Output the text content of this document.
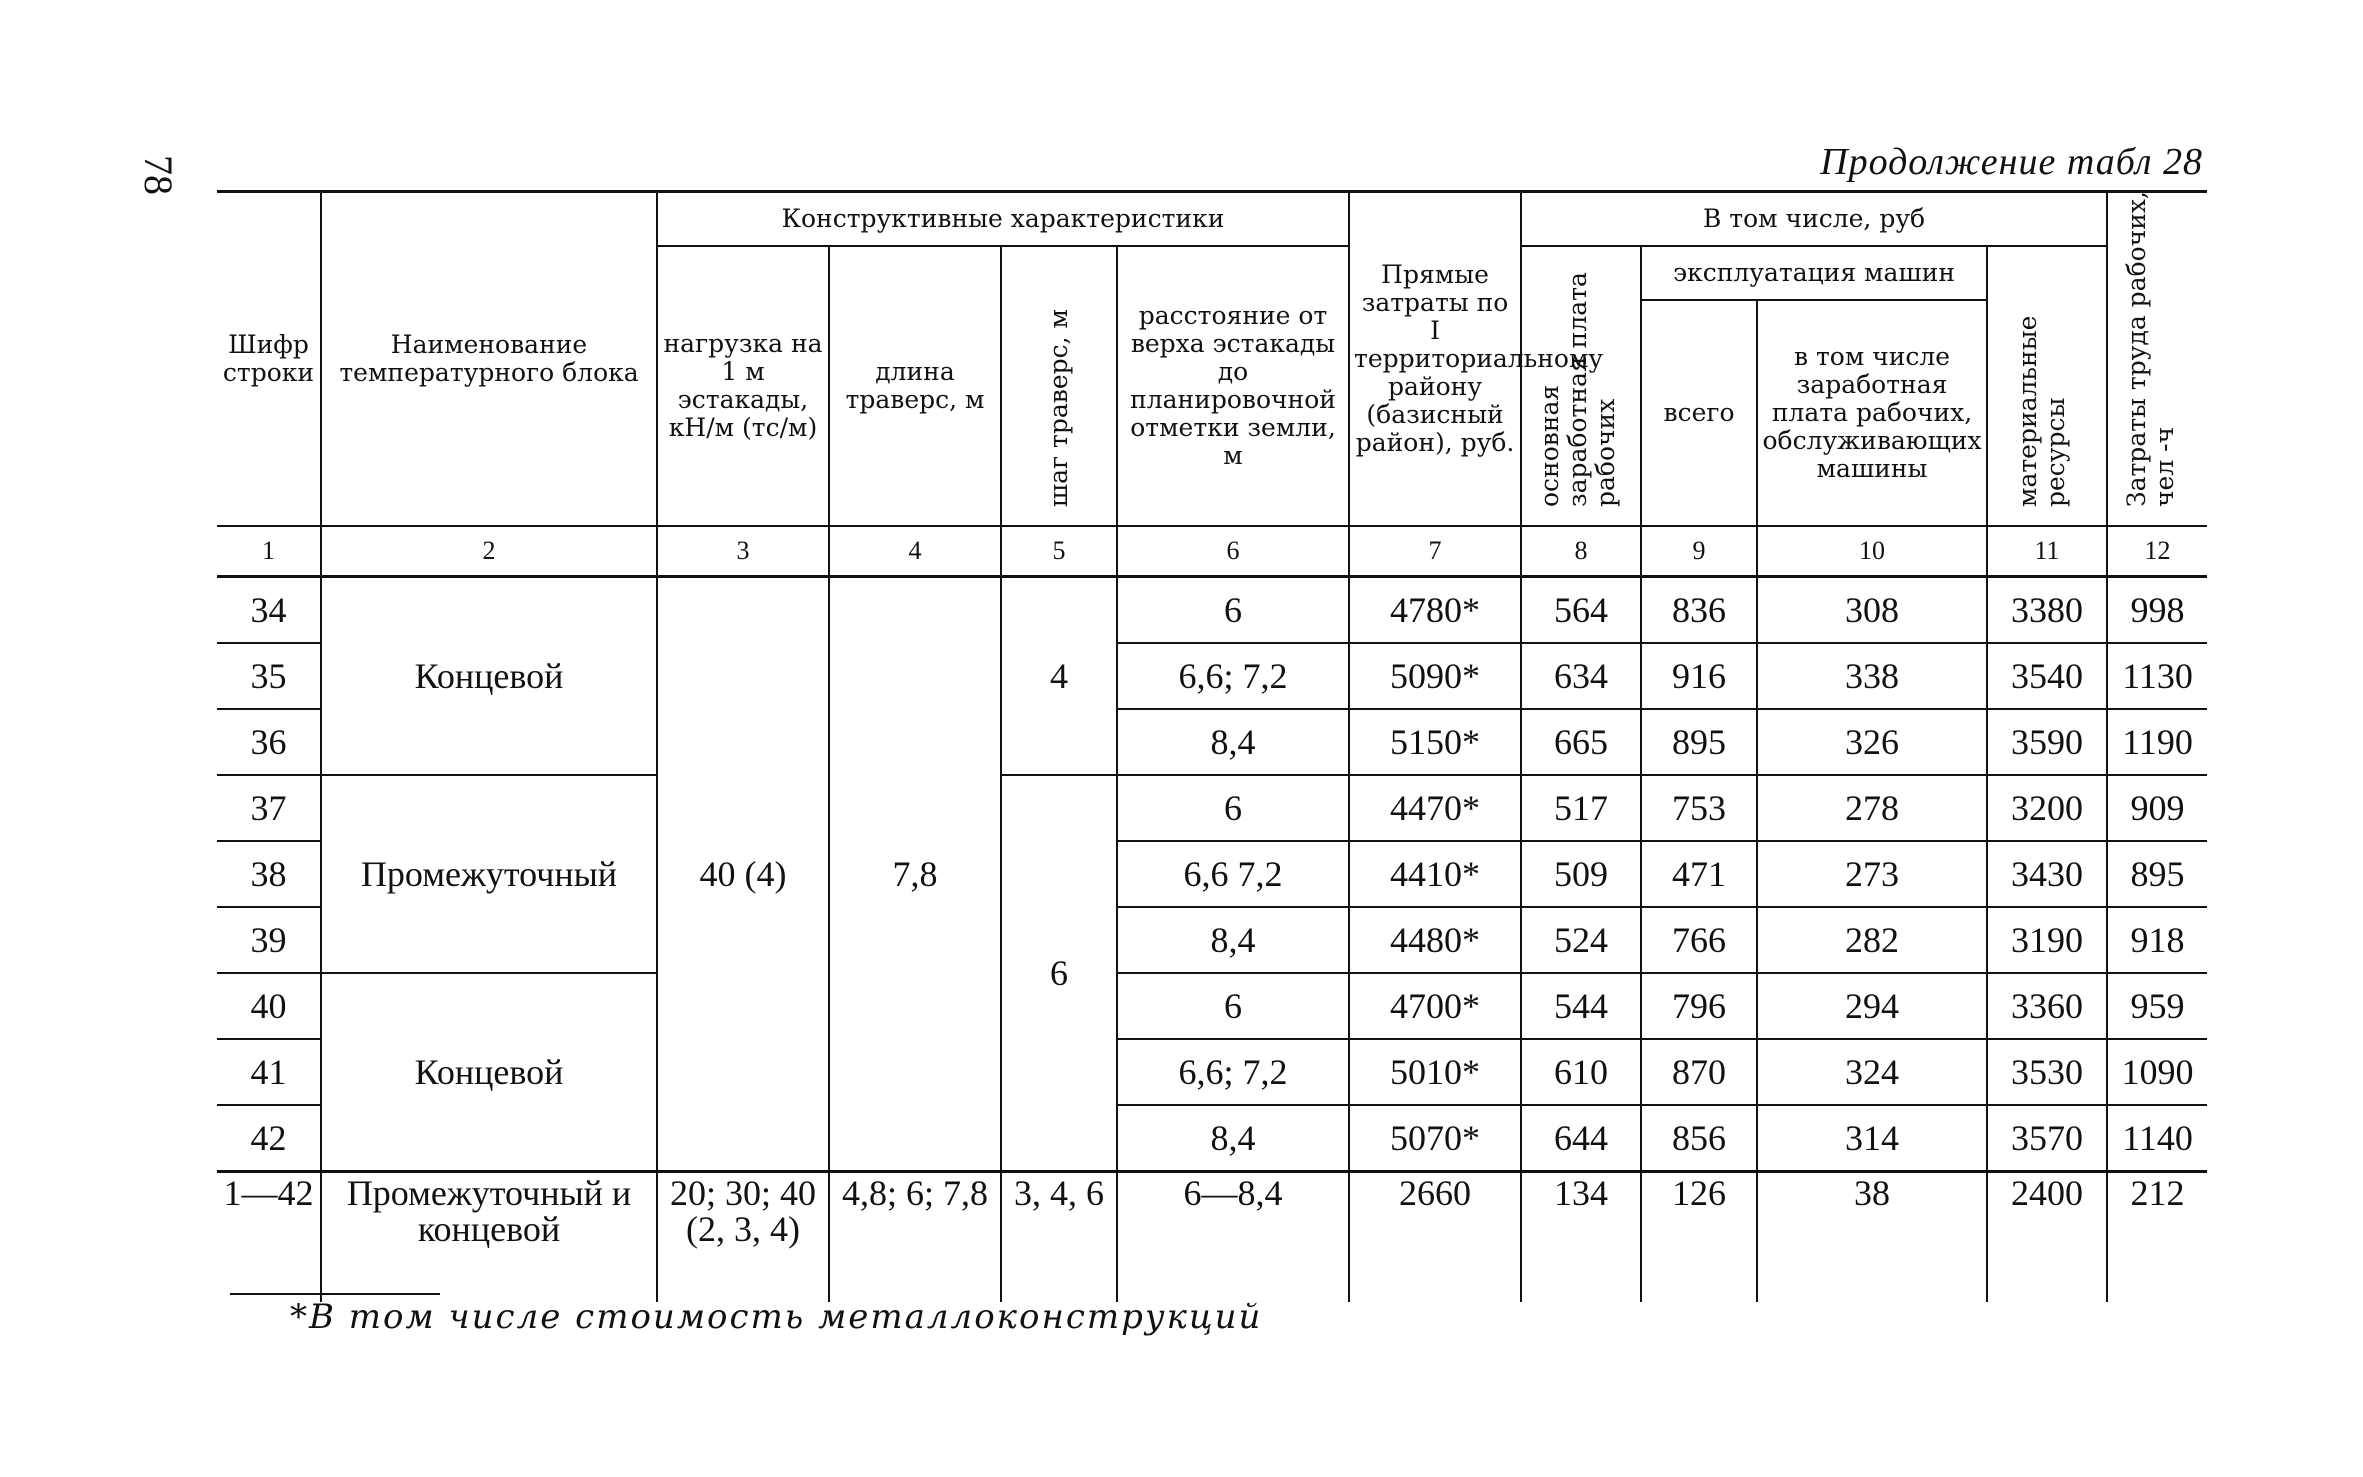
78	Продолжение табл 28
Шифр строки	Наименование температурного блока	Конструктивные характеристики				Прямые затраты по I территориальному району (базисный район), руб.	В том числе, руб				Затраты труда рабочих, чел -ч
		нагрузка на 1 м эстакады, кН/м (тс/м)	длина траверс, м	шаг траверс, м	расстояние от верха эстакады до планировочной отметки земли, м		основная заработная плата рабочих	эксплуатация машин		материальные ресурсы	
								всего	в том числе заработная плата рабочих, обслуживающих машины		
1	2	3	4	5	6	7	8	9	10	11	12
34	Концевой	40 (4)	7,8	4	6	4780*	564	836	308	3380	998
35					6,6; 7,2	5090*	634	916	338	3540	1130
36					8,4	5150*	665	895	326	3590	1190
37	Промежуточный			6	6	4470*	517	753	278	3200	909
38					6,6 7,2	4410*	509	471	273	3430	895
39					8,4	4480*	524	766	282	3190	918
40	Концевой				6	4700*	544	796	294	3360	959
41					6,6; 7,2	5010*	610	870	324	3530	1090
42					8,4	5070*	644	856	314	3570	1140
1—42	Промежуточный и концевой	20; 30; 40 (2, 3, 4)	4,8; 6; 7,8	3, 4, 6	6—8,4	2660	134	126	38	2400	212
*В том числе стоимость металлоконструкций
